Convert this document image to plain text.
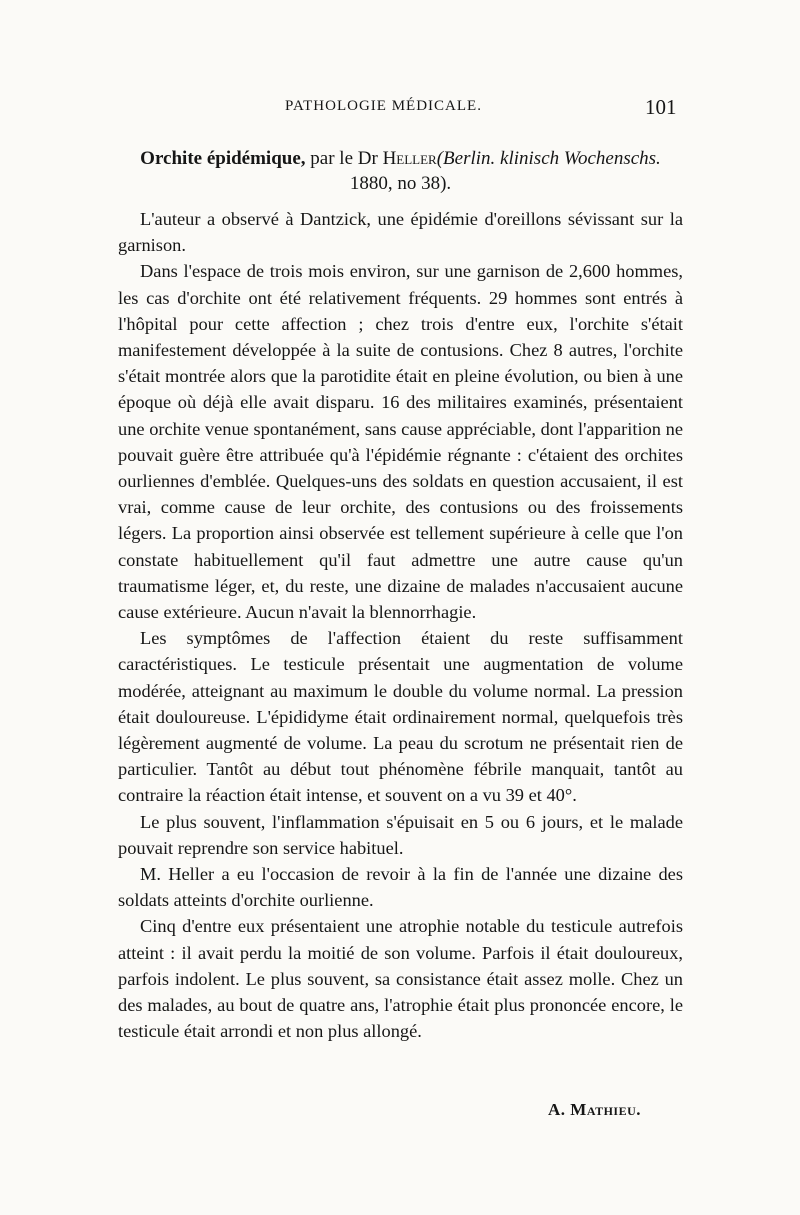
PATHOLOGIE MÉDICALE.	101
Orchite épidémique, par le Dr Heller(Berlin. klinisch Wochenschs.
1880, no 38).

L'auteur a observé à Dantzick, une épidémie d'oreillons sévissant sur la garnison.

Dans l'espace de trois mois environ, sur une garnison de 2,600 hommes, les cas d'orchite ont été relativement fréquents. 29 hommes sont entrés à l'hôpital pour cette affection ; chez trois d'entre eux, l'orchite s'était manifestement développée à la suite de contusions. Chez 8 autres, l'orchite s'était montrée alors que la parotidite était en pleine évolution, ou bien à une époque où déjà elle avait disparu. 16 des militaires examinés, présentaient une orchite venue spontanément, sans cause appréciable, dont l'apparition ne pouvait guère être attribuée qu'à l'épidémie régnante : c'étaient des orchites ourliennes d'emblée. Quelques-uns des soldats en question accusaient, il est vrai, comme cause de leur orchite, des contusions ou des froissements légers. La proportion ainsi observée est tellement supérieure à celle que l'on constate habituellement qu'il faut admettre une autre cause qu'un traumatisme léger, et, du reste, une dizaine de malades n'accusaient aucune cause extérieure. Aucun n'avait la blennorrhagie.

Les symptômes de l'affection étaient du reste suffisamment caractéristiques. Le testicule présentait une augmentation de volume modérée, atteignant au maximum le double du volume normal. La pression était douloureuse. L'épididyme était ordinairement normal, quelquefois très légèrement augmenté de volume. La peau du scrotum ne présentait rien de particulier. Tantôt au début tout phénomène fébrile manquait, tantôt au contraire la réaction était intense, et souvent on a vu 39 et 40°.

Le plus souvent, l'inflammation s'épuisait en 5 ou 6 jours, et le malade pouvait reprendre son service habituel.

M. Heller a eu l'occasion de revoir à la fin de l'année une dizaine des soldats atteints d'orchite ourlienne.

Cinq d'entre eux présentaient une atrophie notable du testicule autrefois atteint : il avait perdu la moitié de son volume. Parfois il était douloureux, parfois indolent. Le plus souvent, sa consistance était assez molle. Chez un des malades, au bout de quatre ans, l'atrophie était plus prononcée encore, le testicule était arrondi et non plus allongé.

A. Mathieu.
